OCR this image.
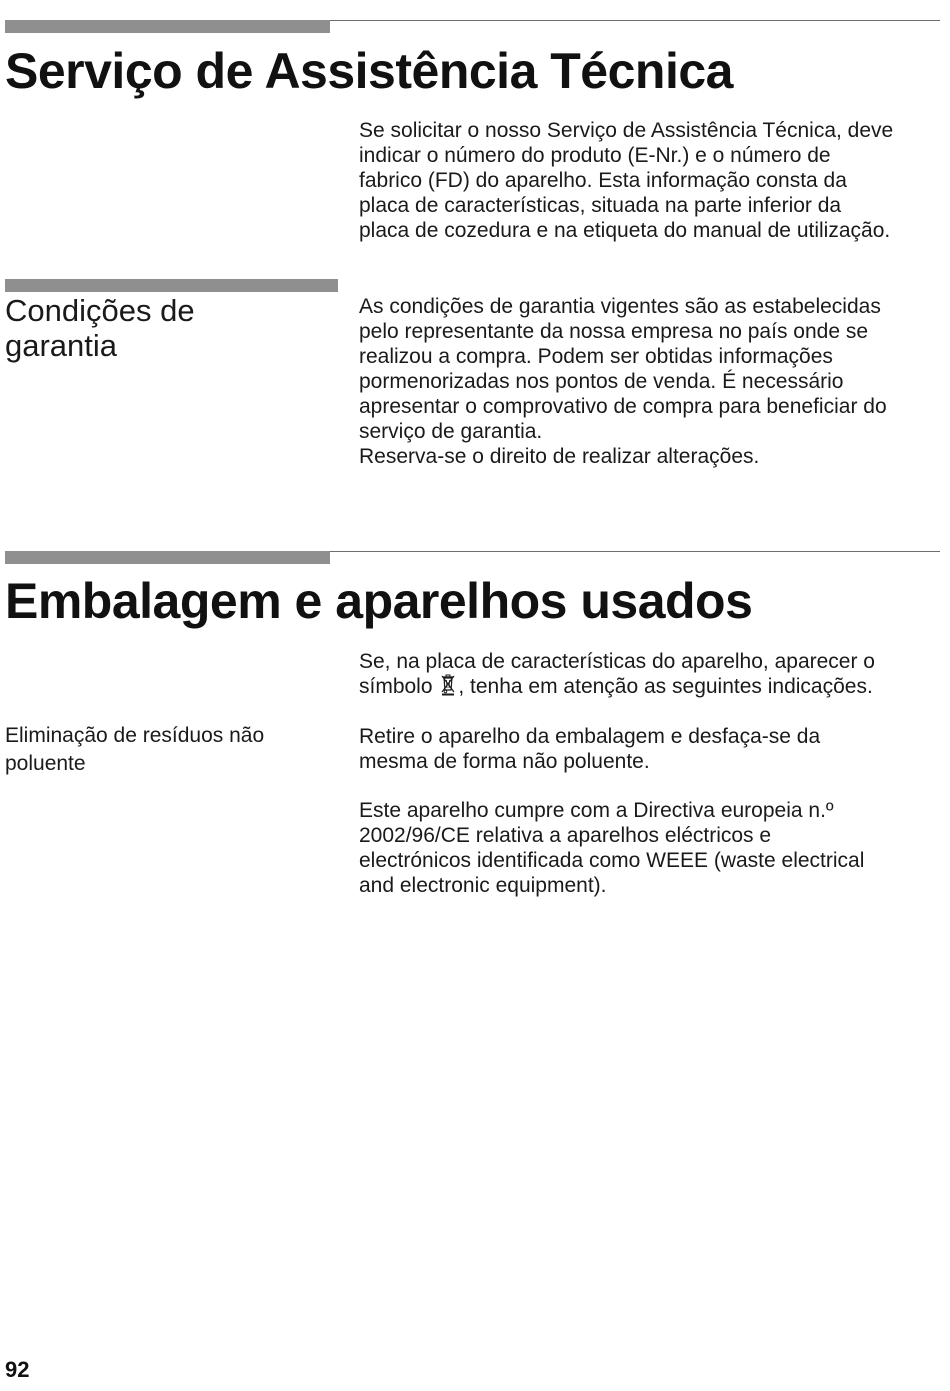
Serviço de Assistência Técnica
Se solicitar o nosso Serviço de Assistência Técnica, deve
indicar o número do produto (E-Nr.) e o número de
fabrico (FD) do aparelho. Esta informação consta da
placa de características, situada na parte inferior da
placa de cozedura e na etiqueta do manual de utilização.
Condições de
garantia
As condições de garantia vigentes são as estabelecidas
pelo representante da nossa empresa no país onde se
realizou a compra. Podem ser obtidas informações
pormenorizadas nos pontos de venda. É necessário
apresentar o comprovativo de compra para beneficiar do
serviço de garantia.
Reserva-se o direito de realizar alterações.
Embalagem e aparelhos usados
Se, na placa de características do aparelho, aparecer o
símbolo , tenha em atenção as seguintes indicações.
Eliminação de resíduos não poluente
Retire o aparelho da embalagem e desfaça-se da
mesma de forma não poluente.
Este aparelho cumpre com a Directiva europeia n.º
2002/96/CE relativa a aparelhos eléctricos e
electrónicos identificada como WEEE (waste electrical
and electronic equipment).
92
